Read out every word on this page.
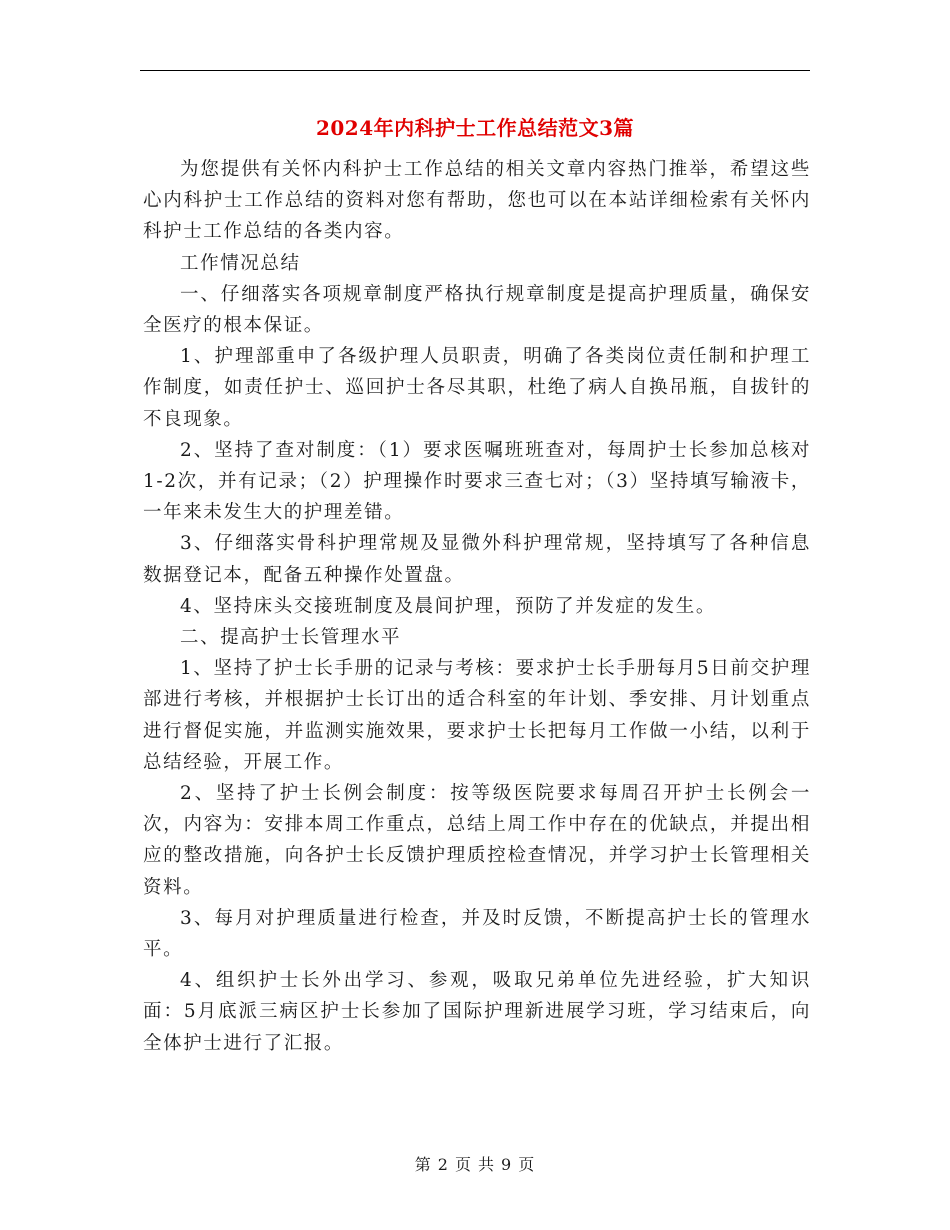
2024年内科护士工作总结范文3篇

为您提供有关怀内科护士工作总结的相关文章内容热门推举，希望这些心内科护士工作总结的资料对您有帮助，您也可以在本站详细检索有关怀内科护士工作总结的各类内容。

工作情况总结

一、仔细落实各项规章制度严格执行规章制度是提高护理质量，确保安全医疗的根本保证。

1、护理部重申了各级护理人员职责，明确了各类岗位责任制和护理工作制度，如责任护士、巡回护士各尽其职，杜绝了病人自换吊瓶，自拔针的不良现象。

2、坚持了查对制度：（1）要求医嘱班班查对，每周护士长参加总核对1-2次，并有记录；（2）护理操作时要求三查七对；（3）坚持填写输液卡，一年来未发生大的护理差错。

3、仔细落实骨科护理常规及显微外科护理常规，坚持填写了各种信息数据登记本，配备五种操作处置盘。

4、坚持床头交接班制度及晨间护理，预防了并发症的发生。

二、提高护士长管理水平

1、坚持了护士长手册的记录与考核：要求护士长手册每月5日前交护理部进行考核，并根据护士长订出的适合科室的年计划、季安排、月计划重点进行督促实施，并监测实施效果，要求护士长把每月工作做一小结，以利于总结经验，开展工作。

2、坚持了护士长例会制度：按等级医院要求每周召开护士长例会一次，内容为：安排本周工作重点，总结上周工作中存在的优缺点，并提出相应的整改措施，向各护士长反馈护理质控检查情况，并学习护士长管理相关资料。

3、每月对护理质量进行检查，并及时反馈，不断提高护士长的管理水平。

4、组织护士长外出学习、参观，吸取兄弟单位先进经验，扩大知识面：5月底派三病区护士长参加了国际护理新进展学习班，学习结束后，向全体护士进行了汇报。

第 2 页 共 9 页
